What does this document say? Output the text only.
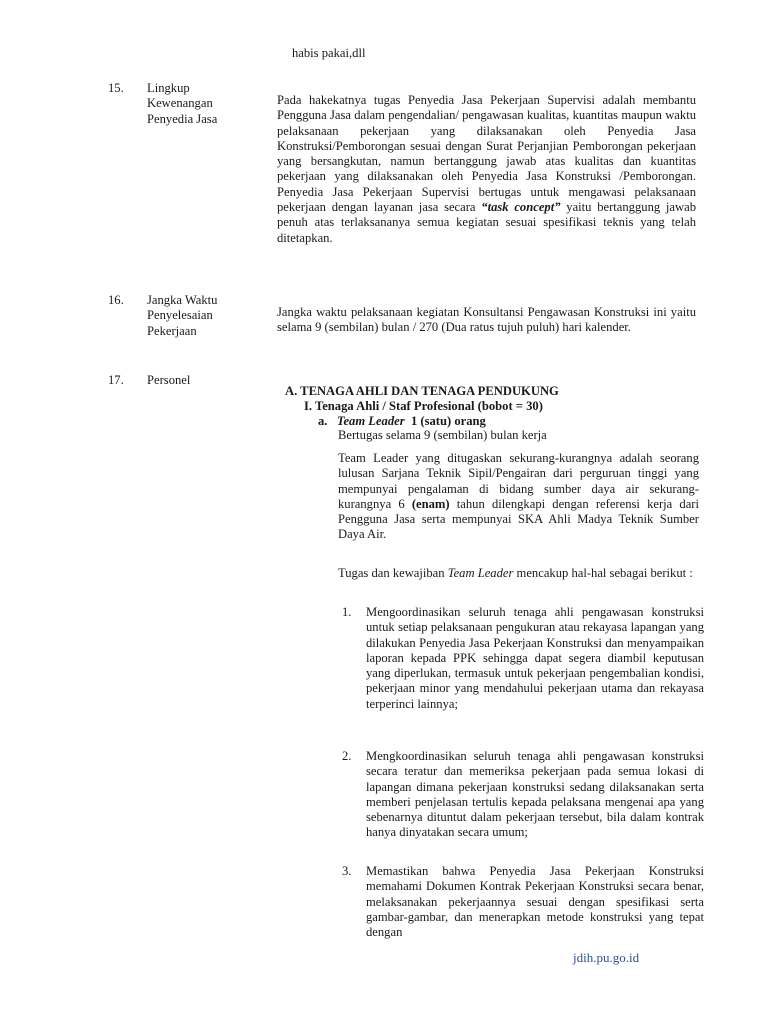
habis pakai,dll
15.	Lingkup
Kewenangan
Penyedia Jasa
Pada hakekatnya tugas Penyedia Jasa Pekerjaan Supervisi adalah membantu Pengguna Jasa dalam pengendalian/ pengawasan kualitas, kuantitas maupun waktu pelaksanaan pekerjaan yang dilaksanakan oleh Penyedia Jasa Konstruksi/Pemborongan sesuai dengan Surat Perjanjian Pemborongan pekerjaan yang bersangkutan, namun bertanggung jawab atas kualitas dan kuantitas pekerjaan yang dilaksanakan oleh Penyedia Jasa Konstruksi /Pemborongan. Penyedia Jasa Pekerjaan Supervisi bertugas untuk mengawasi pelaksanaan pekerjaan dengan layanan jasa secara “task concept” yaitu bertanggung jawab penuh atas terlaksananya semua kegiatan sesuai spesifikasi teknis yang telah ditetapkan.
16.	Jangka Waktu
Penyelesaian
Pekerjaan
Jangka waktu pelaksanaan kegiatan Konsultansi Pengawasan Konstruksi ini yaitu selama 9 (sembilan) bulan / 270 (Dua ratus tujuh puluh) hari kalender.
17.	Personel
A. TENAGA AHLI DAN TENAGA PENDUKUNG
I. Tenaga Ahli / Staf Profesional (bobot = 30)
a. Team Leader 1 (satu) orang
Bertugas selama 9 (sembilan) bulan kerja
Team Leader yang ditugaskan sekurang-kurangnya adalah seorang lulusan Sarjana Teknik Sipil/Pengairan dari perguruan tinggi yang mempunyai pengalaman di bidang sumber daya air sekurang-kurangnya 6 (enam) tahun dilengkapi dengan referensi kerja dari Pengguna Jasa serta mempunyai SKA Ahli Madya Teknik Sumber Daya Air.
Tugas dan kewajiban Team Leader mencakup hal-hal sebagai berikut :
1. Mengoordinasikan seluruh tenaga ahli pengawasan konstruksi untuk setiap pelaksanaan pengukuran atau rekayasa lapangan yang dilakukan Penyedia Jasa Pekerjaan Konstruksi dan menyampaikan laporan kepada PPK sehingga dapat segera diambil keputusan yang diperlukan, termasuk untuk pekerjaan pengembalian kondisi, pekerjaan minor yang mendahului pekerjaan utama dan rekayasa terperinci lainnya;
2. Mengkoordinasikan seluruh tenaga ahli pengawasan konstruksi secara teratur dan memeriksa pekerjaan pada semua lokasi di lapangan dimana pekerjaan konstruksi sedang dilaksanakan serta memberi penjelasan tertulis kepada pelaksana mengenai apa yang sebenarnya dituntut dalam pekerjaan tersebut, bila dalam kontrak hanya dinyatakan secara umum;
3. Memastikan bahwa Penyedia Jasa Pekerjaan Konstruksi memahami Dokumen Kontrak Pekerjaan Konstruksi secara benar, melaksanakan pekerjaannya sesuai dengan spesifikasi serta gambar-gambar, dan menerapkan metode konstruksi yang tepat dengan
jdih.pu.go.id
